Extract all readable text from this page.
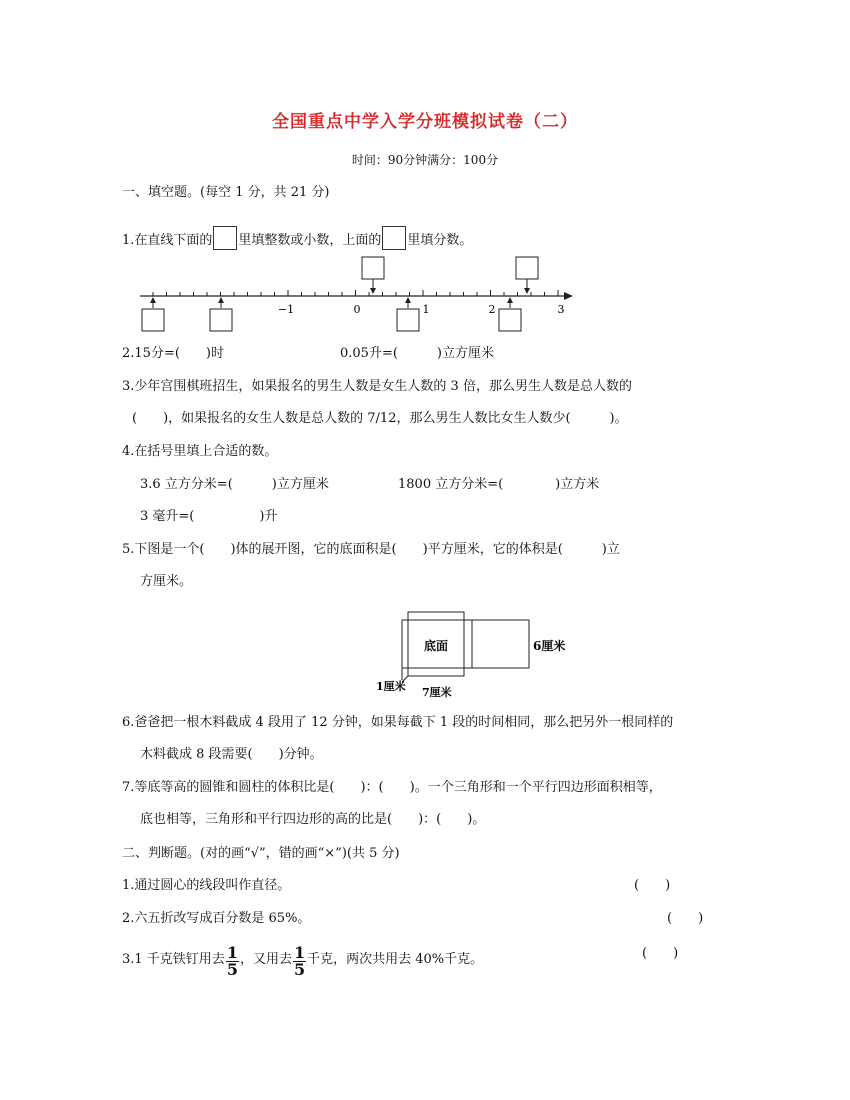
全国重点中学入学分班模拟试卷（二）
时间：90分钟满分：100分
一、填空题。(每空 1 分，共 21 分)
1.在直线下面的 里填整数或小数，上面的 里填分数。
−1	0	1	2	3
2.15分=(　　)时	0.05升=(　　　)立方厘米
3.少年宫围棋班招生，如果报名的男生人数是女生人数的 3 倍，那么男生人数是总人数的
(　　)，如果报名的女生人数是总人数的 7/12，那么男生人数比女生人数少(　　　)。
4.在括号里填上合适的数。
3.6 立方分米=(　　　)立方厘米	1800 立方分米=(　　　　)立方米
3 毫升=(　　　　　)升
5.下图是一个(　　)体的展开图，它的底面积是(　　)平方厘米，它的体积是(　　　)立
方厘米。
底面	6厘米
1厘米 7厘米
6.爸爸把一根木料截成 4 段用了 12 分钟，如果每截下 1 段的时间相同，那么把另外一根同样的
木料截成 8 段需要(　　)分钟。
7.等底等高的圆锥和圆柱的体积比是(　　)：(　　)。一个三角形和一个平行四边形面积相等，
底也相等，三角形和平行四边形的高的比是(　　)：(　　)。
二、判断题。(对的画“√”，错的画“×”)(共 5 分)
1.通过圆心的线段叫作直径。	(　　)
2.六五折改写成百分数是 65%。	(　　)
3.1 千克铁钉用去 $\frac{1}{5}$ ，又用去 $\frac{1}{5}$ 千克，两次共用去 40%千克。	(　　)
